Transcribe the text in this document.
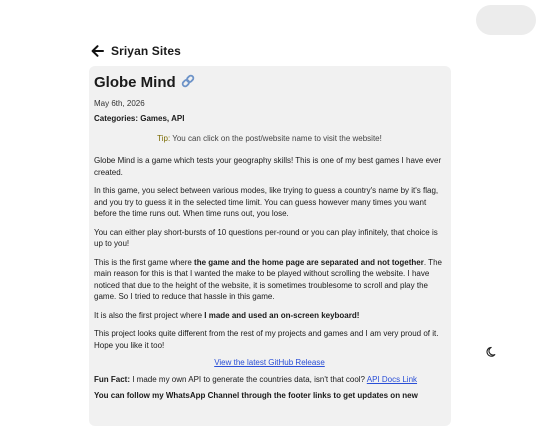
Sriyan Sites
Globe Mind
May 6th, 2026
Categories: Games, API
Tip: You can click on the post/website name to visit the website!

Globe Mind is a game which tests your geography skills! This is one of my best games I have ever created.

In this game, you select between various modes, like trying to guess a country's name by it's flag, and you try to guess it in the selected time limit. You can guess however many times you want before the time runs out. When time runs out, you lose.

You can either play short-bursts of 10 questions per-round or you can play infinitely, that choice is up to you!

This is the first game where the game and the home page are separated and not together. The main reason for this is that I wanted the make to be played without scrolling the website. I have noticed that due to the height of the website, it is sometimes troublesome to scroll and play the game. So I tried to reduce that hassle in this game.

It is also the first project where I made and used an on-screen keyboard!

This project looks quite different from the rest of my projects and games and I am very proud of it. Hope you like it too!

View the latest GitHub Release
Fun Fact: I made my own API to generate the countries data, isn't that cool? API Docs Link
You can follow my WhatsApp Channel through the footer links to get updates on new
